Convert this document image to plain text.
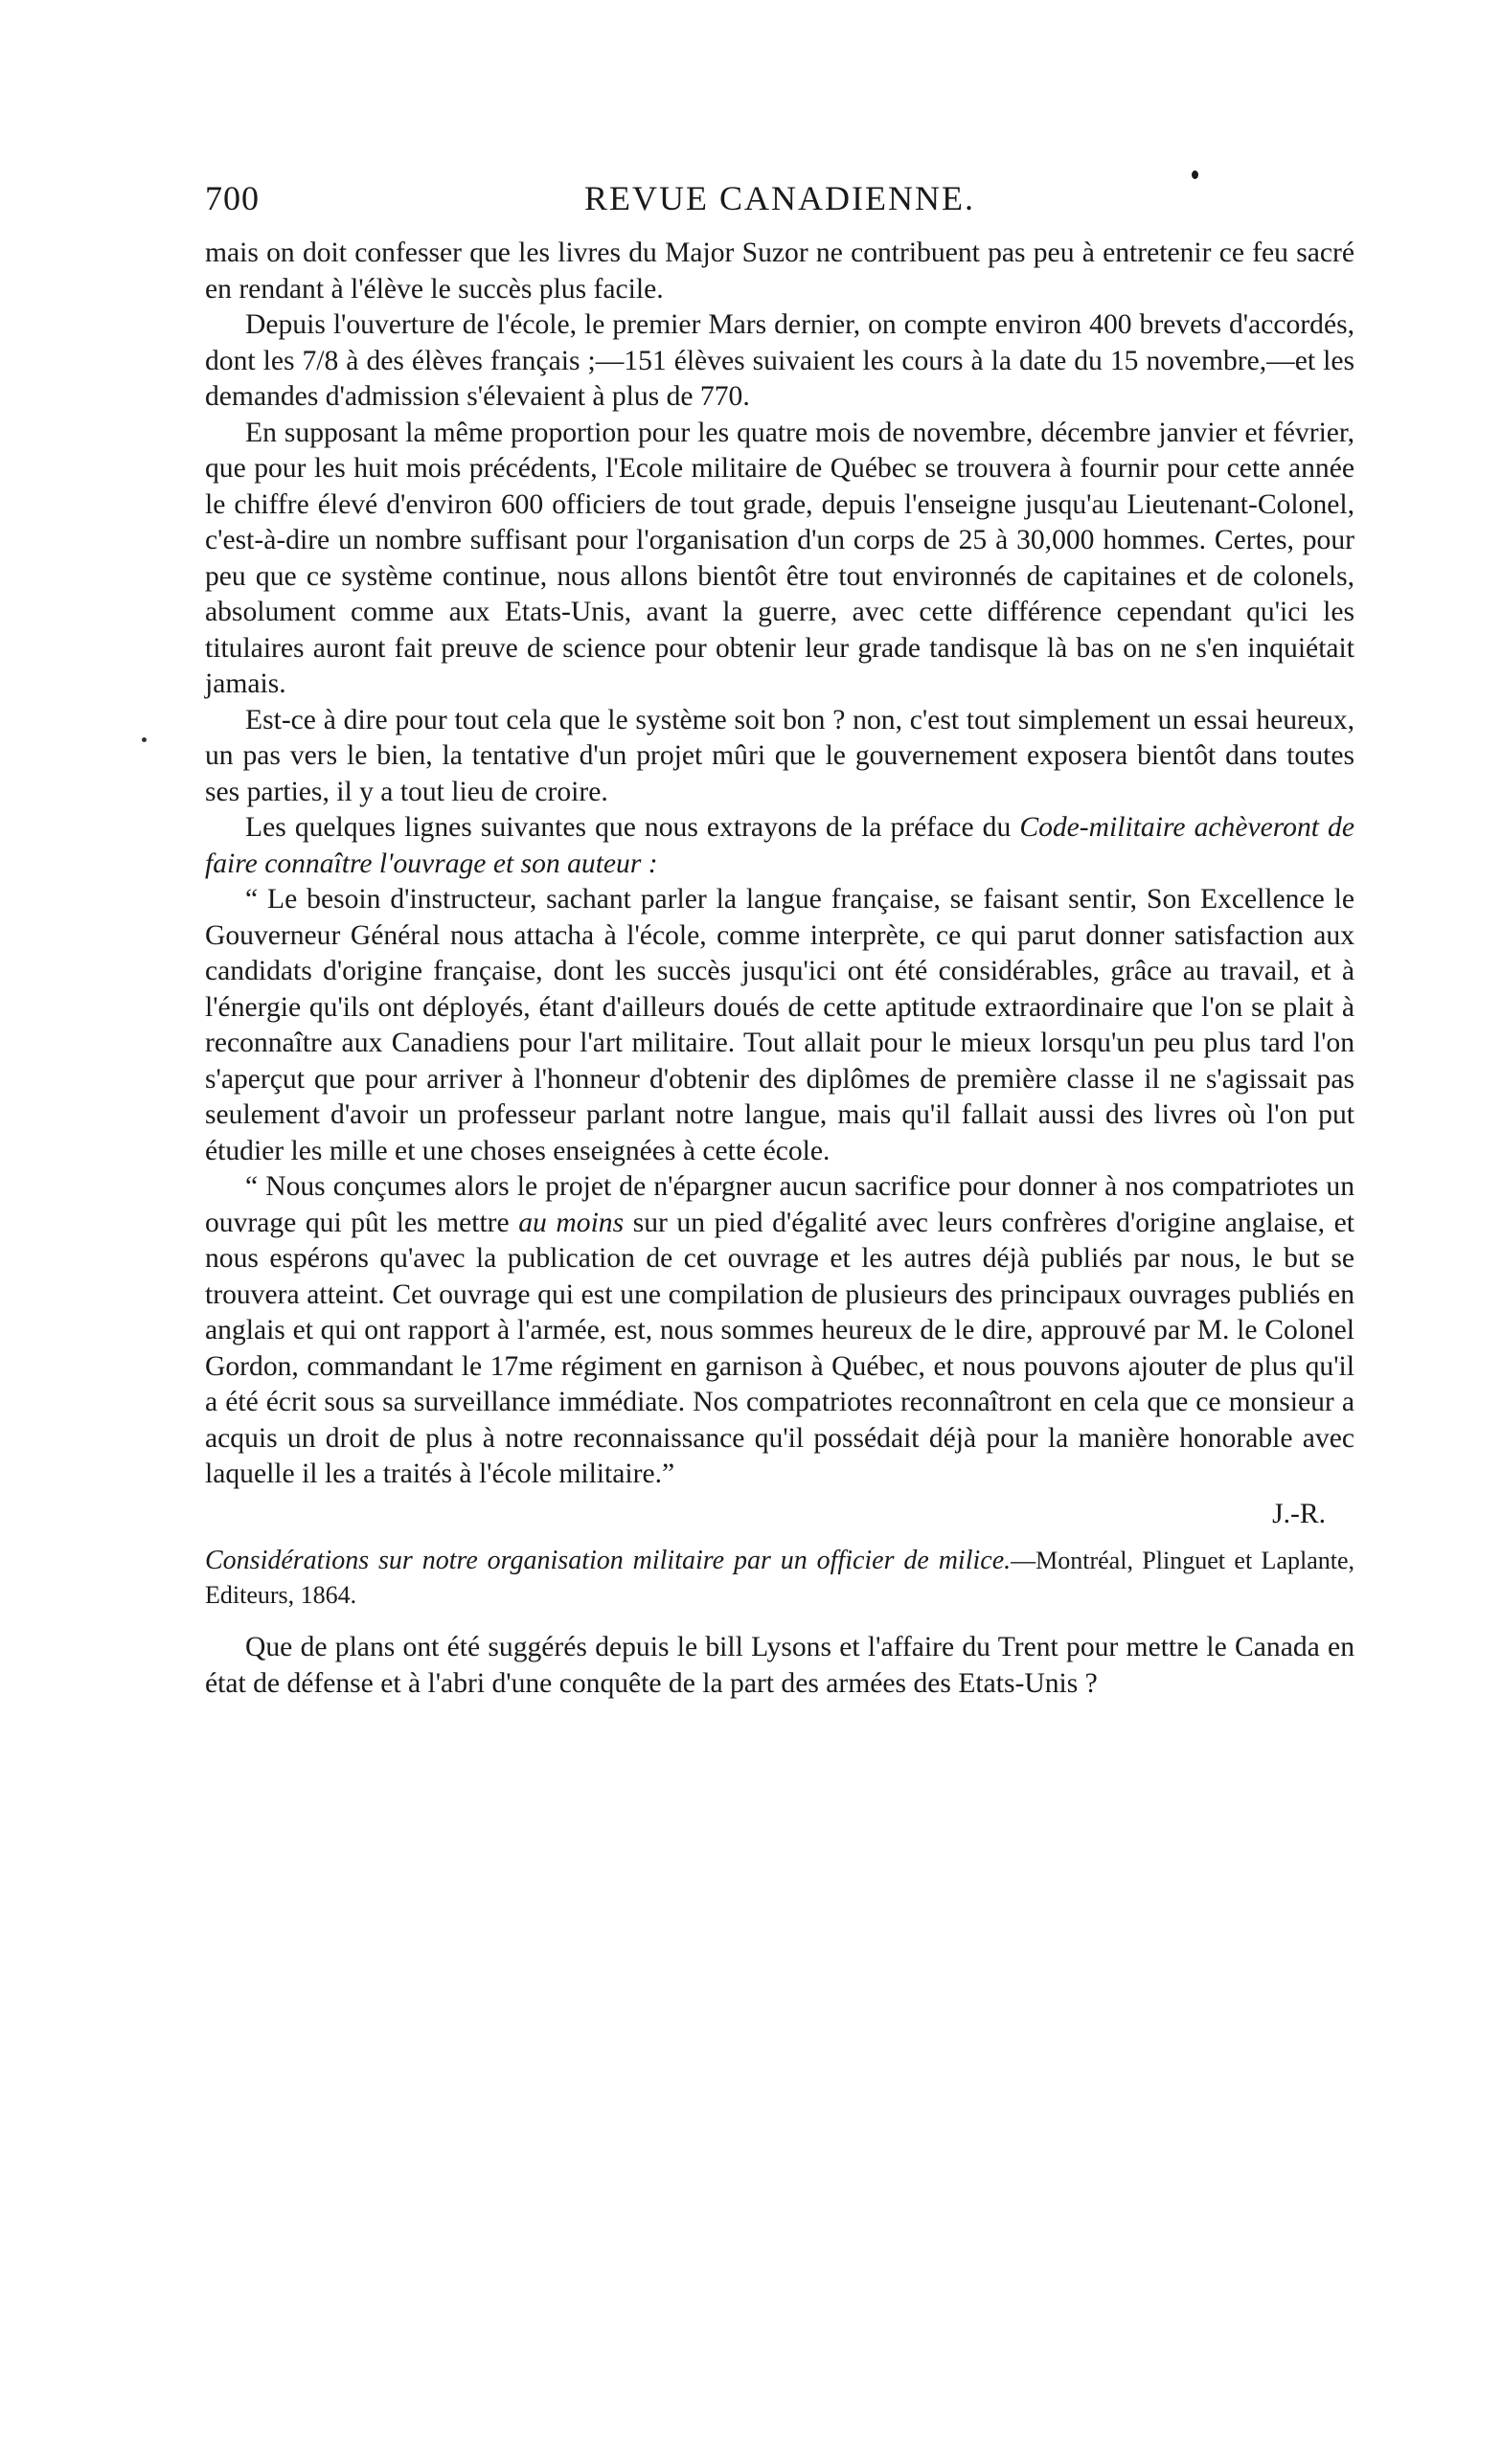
700	REVUE CANADIENNE.

mais on doit confesser que les livres du Major Suzor ne contribuent pas peu à entretenir ce feu sacré en rendant à l'élève le succès plus facile.

Depuis l'ouverture de l'école, le premier Mars dernier, on compte environ 400 brevets d'accordés, dont les 7/8 à des élèves français ;—151 élèves suivaient les cours à la date du 15 novembre,—et les demandes d'admission s'élevaient à plus de 770.

En supposant la même proportion pour les quatre mois de novembre, décembre janvier et février, que pour les huit mois précédents, l'Ecole militaire de Québec se trouvera à fournir pour cette année le chiffre élevé d'environ 600 officiers de tout grade, depuis l'enseigne jusqu'au Lieutenant-Colonel, c'est-à-dire un nombre suffisant pour l'organisation d'un corps de 25 à 30,000 hommes. Certes, pour peu que ce système continue, nous allons bientôt être tout environnés de capitaines et de colonels, absolument comme aux Etats-Unis, avant la guerre, avec cette différence cependant qu'ici les titulaires auront fait preuve de science pour obtenir leur grade tandisque là bas on ne s'en inquiétait jamais.

Est-ce à dire pour tout cela que le système soit bon ? non, c'est tout simplement un essai heureux, un pas vers le bien, la tentative d'un projet mûri que le gouvernement exposera bientôt dans toutes ses parties, il y a tout lieu de croire.

Les quelques lignes suivantes que nous extrayons de la préface du Code-militaire achèveront de faire connaître l'ouvrage et son auteur :

“ Le besoin d'instructeur, sachant parler la langue française, se faisant sentir, Son Excellence le Gouverneur Général nous attacha à l'école, comme interprète, ce qui parut donner satisfaction aux candidats d'origine française, dont les succès jusqu'ici ont été considérables, grâce au travail, et à l'énergie qu'ils ont déployés, étant d'ailleurs doués de cette aptitude extraordinaire que l'on se plait à reconnaître aux Canadiens pour l'art militaire. Tout allait pour le mieux lorsqu'un peu plus tard l'on s'aperçut que pour arriver à l'honneur d'obtenir des diplômes de première classe il ne s'agissait pas seulement d'avoir un professeur parlant notre langue, mais qu'il fallait aussi des livres où l'on put étudier les mille et une choses enseignées à cette école.

“ Nous conçumes alors le projet de n'épargner aucun sacrifice pour donner à nos compatriotes un ouvrage qui pût les mettre au moins sur un pied d'égalité avec leurs confrères d'origine anglaise, et nous espérons qu'avec la publication de cet ouvrage et les autres déjà publiés par nous, le but se trouvera atteint. Cet ouvrage qui est une compilation de plusieurs des principaux ouvrages publiés en anglais et qui ont rapport à l'armée, est, nous sommes heureux de le dire, approuvé par M. le Colonel Gordon, commandant le 17me régiment en garnison à Québec, et nous pouvons ajouter de plus qu'il a été écrit sous sa surveillance immédiate. Nos compatriotes reconnaîtront en cela que ce monsieur a acquis un droit de plus à notre reconnaissance qu'il possédait déjà pour la manière honorable avec laquelle il les a traités à l'école militaire.”

J.-R.

Considérations sur notre organisation militaire par un officier de milice.—Montréal, Plinguet et Laplante, Editeurs, 1864.

Que de plans ont été suggérés depuis le bill Lysons et l'affaire du Trent pour mettre le Canada en état de défense et à l'abri d'une conquête de la part des armées des Etats-Unis ?
